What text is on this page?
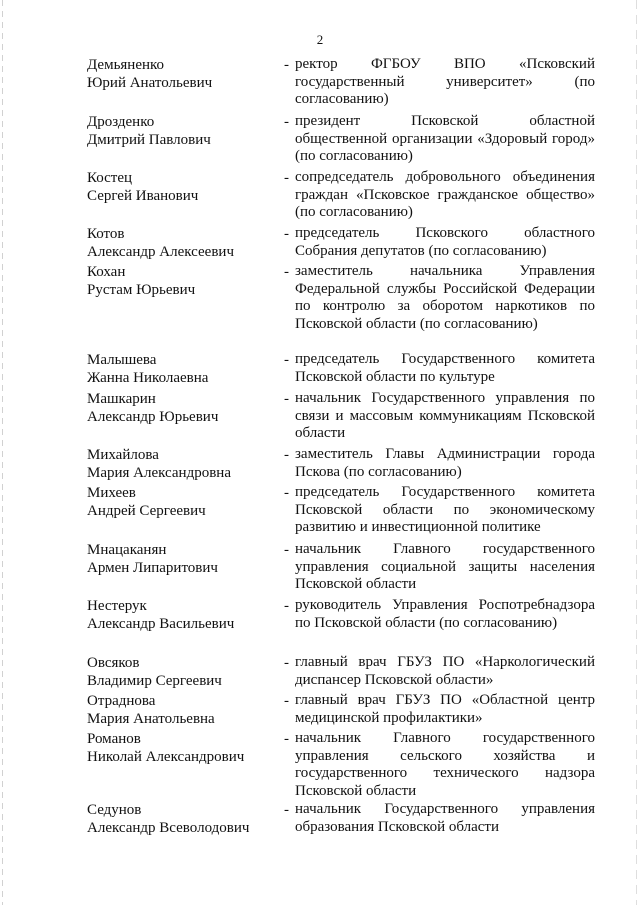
2
Демьяненко
Юрий Анатольевич
- ректор ФГБОУ ВПО «Псковский государственный университет» (по согласованию)
Дрозденко
Дмитрий Павлович
- президент Псковской областной общественной организации «Здоровый город» (по согласованию)
Костец
Сергей Иванович
- сопредседатель добровольного объединения граждан «Псковское гражданское общество» (по согласованию)
Котов
Александр Алексеевич
- председатель Псковского областного Собрания депутатов (по согласованию)
Кохан
Рустам Юрьевич
- заместитель начальника Управления Федеральной службы Российской Федерации по контролю за оборотом наркотиков по Псковской области (по согласованию)
Малышева
Жанна Николаевна
- председатель Государственного комитета Псковской области по культуре
Машкарин
Александр Юрьевич
- начальник Государственного управления по связи и массовым коммуникациям Псковской области
Михайлова
Мария Александровна
- заместитель Главы Администрации города Пскова (по согласованию)
Михеев
Андрей Сергеевич
- председатель Государственного комитета Псковской области по экономическому развитию и инвестиционной политике
Мнацаканян
Армен Липаритович
- начальник Главного государственного управления социальной защиты населения Псковской области
Нестерук
Александр Васильевич
- руководитель Управления Роспотребнадзора по Псковской области (по согласованию)
Овсяков
Владимир Сергеевич
- главный врач ГБУЗ ПО «Наркологический диспансер Псковской области»
Отраднова
Мария Анатольевна
- главный врач ГБУЗ ПО «Областной центр медицинской профилактики»
Романов
Николай Александрович
- начальник Главного государственного управления сельского хозяйства и государственного технического надзора Псковской области
Седунов
Александр Всеволодович
- начальник Государственного управления образования Псковской области
